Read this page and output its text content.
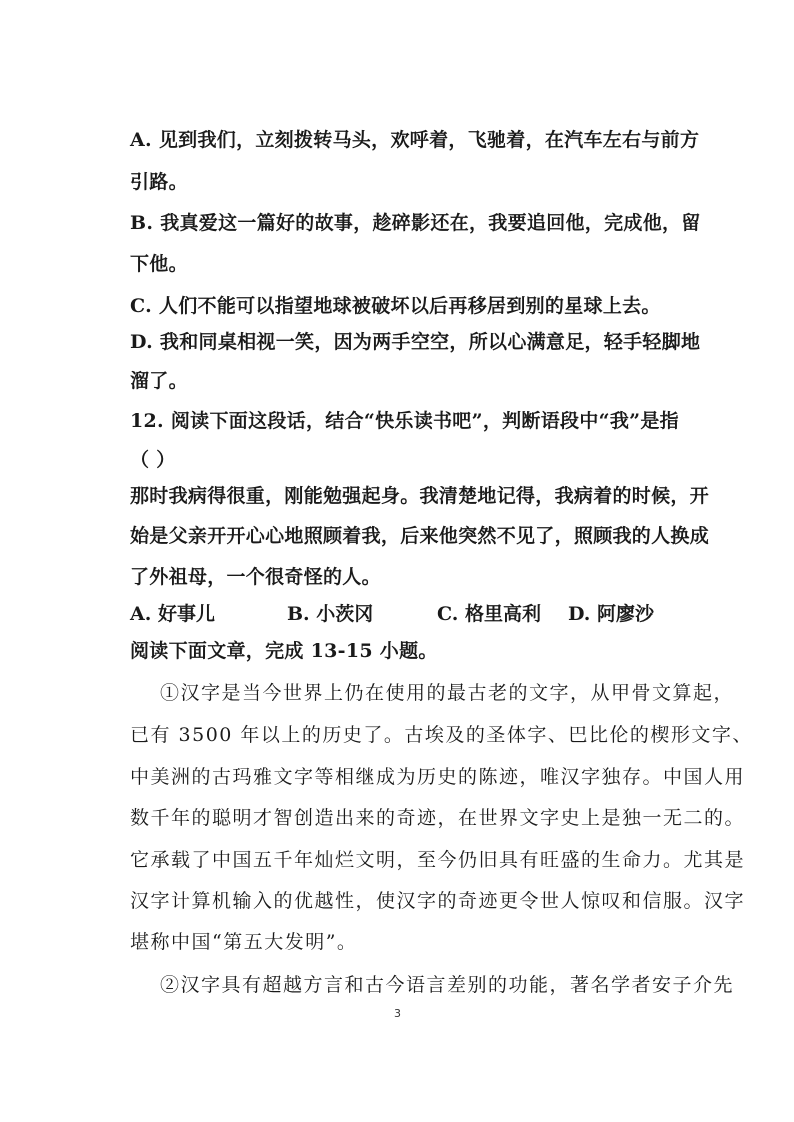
A. 见到我们，立刻拨转马头，欢呼着，飞驰着，在汽车左右与前方
引路。
B. 我真爱这一篇好的故事，趁碎影还在，我要追回他，完成他，留
下他。
C. 人们不能可以指望地球被破坏以后再移居到别的星球上去。
D. 我和同桌相视一笑，因为两手空空，所以心满意足，轻手轻脚地
溜了。
12. 阅读下面这段话，结合“快乐读书吧”，判断语段中“我”是指
（ ）
那时我病得很重，刚能勉强起身。我清楚地记得，我病着的时候，开
始是父亲开开心心地照顾着我，后来他突然不见了，照顾我的人换成
了外祖母，一个很奇怪的人。
A. 好事儿	B. 小茨冈	C. 格里高利 D. 阿廖沙
阅读下面文章，完成 13-15 小题。
①汉字是当今世界上仍在使用的最古老的文字，从甲骨文算起，
已有 3500 年以上的历史了。古埃及的圣体字、巴比伦的楔形文字、
中美洲的古玛雅文字等相继成为历史的陈迹，唯汉字独存。中国人用
数千年的聪明才智创造出来的奇迹，在世界文字史上是独一无二的。
它承载了中国五千年灿烂文明，至今仍旧具有旺盛的生命力。尤其是
汉字计算机输入的优越性，使汉字的奇迹更令世人惊叹和信服。汉字
堪称中国“第五大发明”。
②汉字具有超越方言和古今语言差别的功能，著名学者安子介先
3
